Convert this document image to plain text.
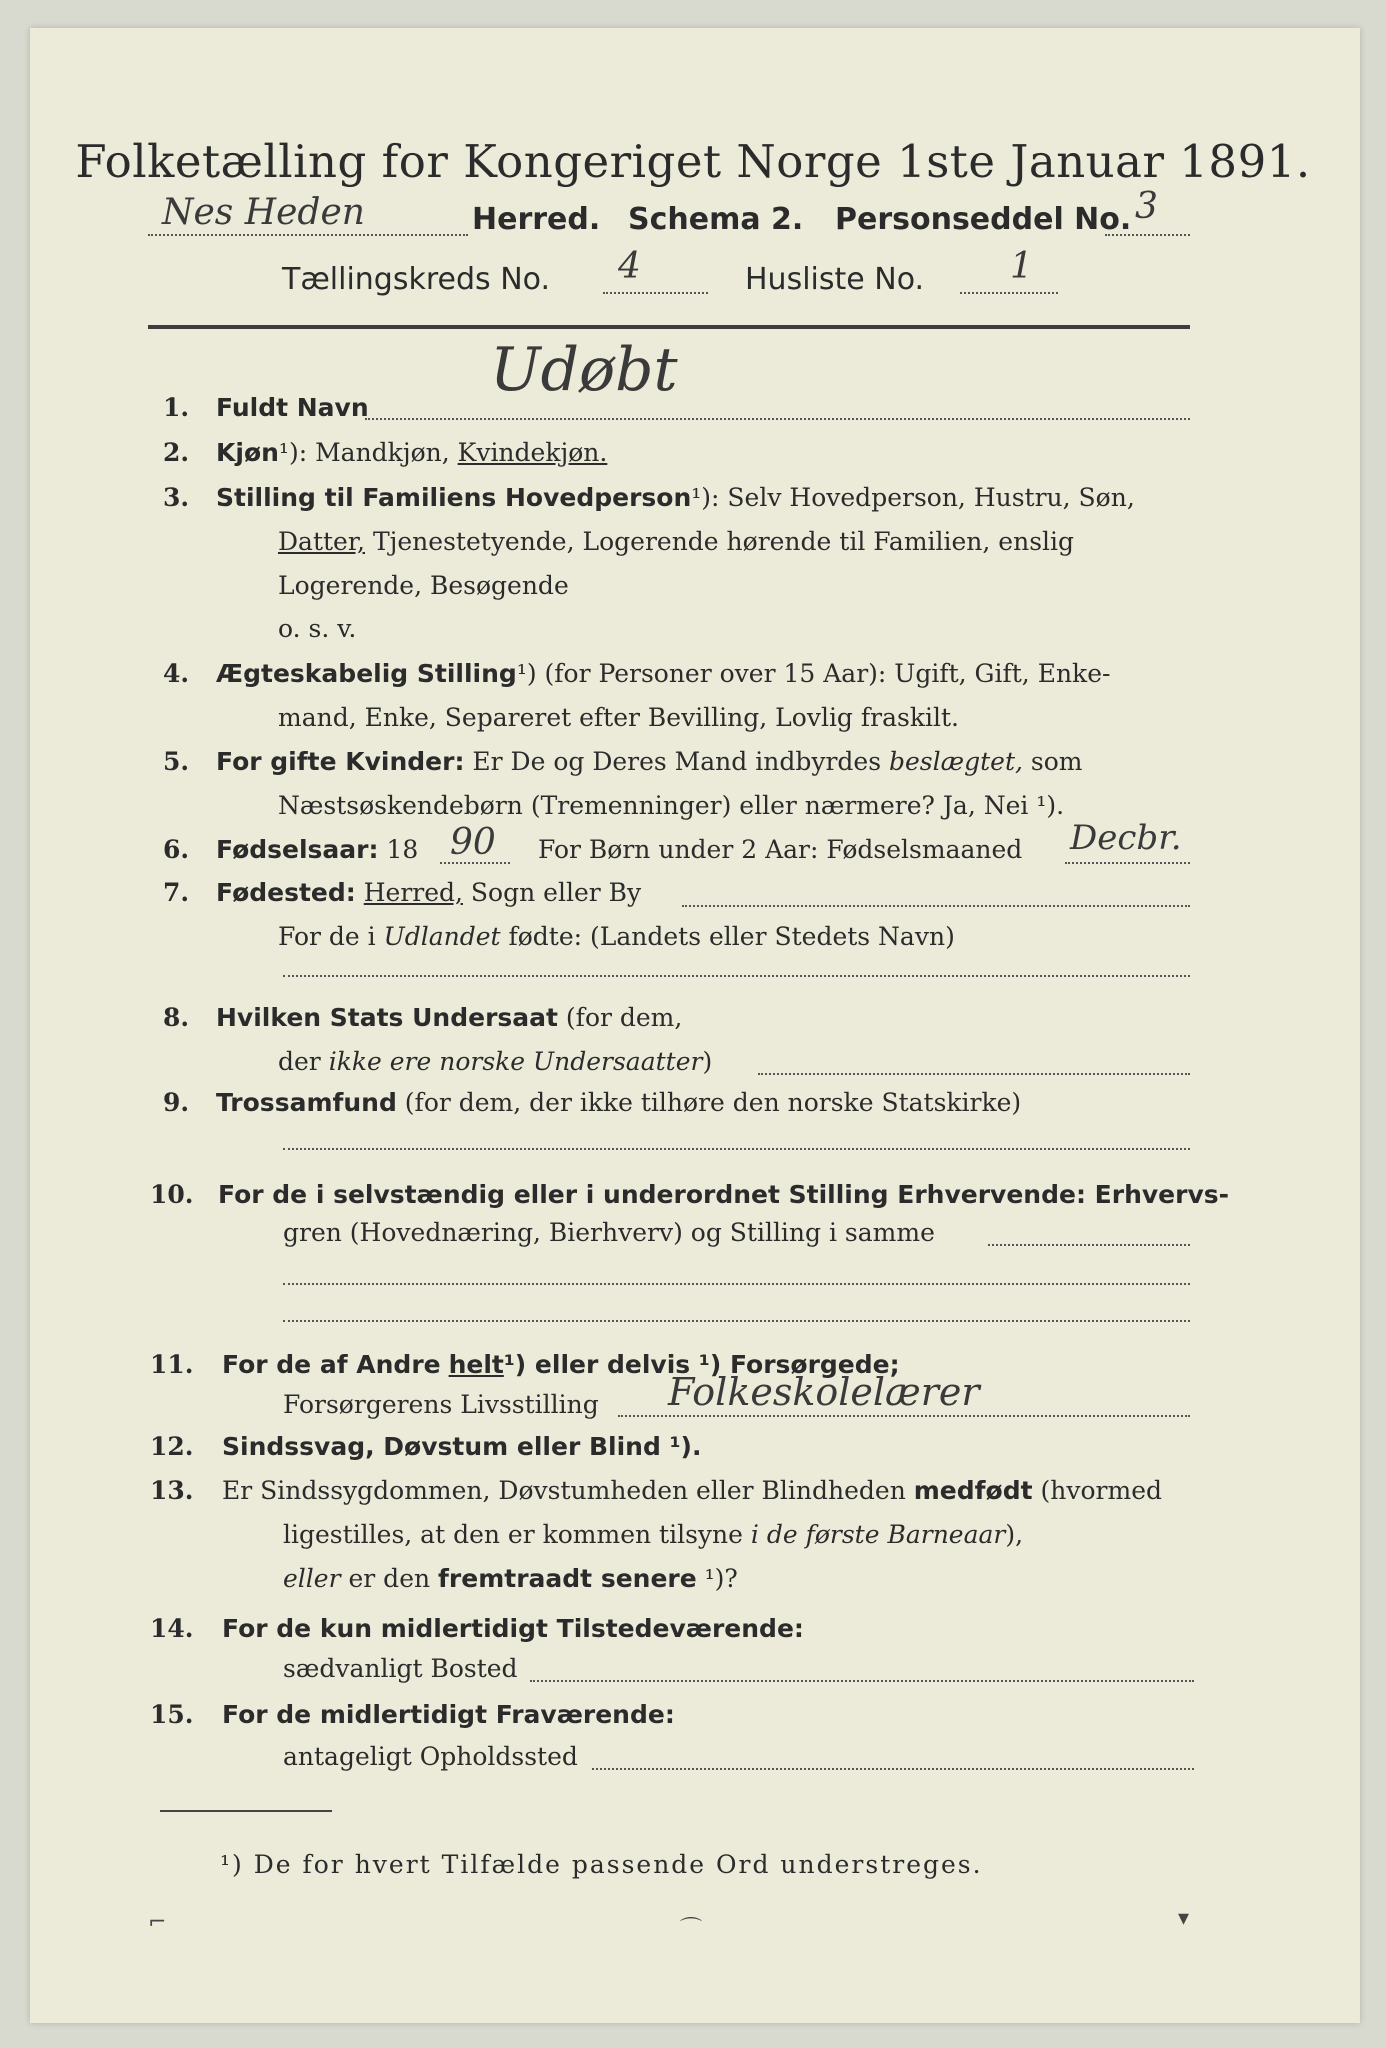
Folketælling for Kongeriget Norge 1ste Januar 1891.
Nes Heden	Herred. Schema 2. Personseddel No. 3
Tællingskreds No. 4	Husliste No. 1
1. Fuldt Navn
Udøbt
2. Kjøn¹): Mandkjøn, Kvindekjøn.
3. Stilling til Familiens Hovedperson¹): Selv Hovedperson, Hustru, Søn,
Datter, Tjenestetyende, Logerende hørende til Familien, enslig
Logerende, Besøgende
o. s. v.
4. Ægteskabelig Stilling¹) (for Personer over 15 Aar): Ugift, Gift, Enke-
mand, Enke, Separeret efter Bevilling, Lovlig fraskilt.
5. For gifte Kvinder: Er De og Deres Mand indbyrdes beslægtet, som
Næstsøskendebørn (Tremenninger) eller nærmere? Ja, Nei ¹).
6. Fødselsaar: 18 90 For Børn under 2 Aar: Fødselsmaaned Decbr.
7. Fødested: Herred, Sogn eller By
For de i Udlandet fødte: (Landets eller Stedets Navn)
8. Hvilken Stats Undersaat (for dem,
der ikke ere norske Undersaatter)
9. Trossamfund (for dem, der ikke tilhøre den norske Statskirke)
10. For de i selvstændig eller i underordnet Stilling Erhvervende: Erhvervs-
gren (Hovednæring, Bierhverv) og Stilling i samme
11. For de af Andre helt¹) eller delvis ¹) Forsørgede;
Forsørgerens Livsstilling Folkeskolelærer
12. Sindssvag, Døvstum eller Blind ¹).
13. Er Sindssygdommen, Døvstumheden eller Blindheden medfødt (hvormed
ligestilles, at den er kommen tilsyne i de første Barneaar),
eller er den fremtraadt senere ¹)?
14. For de kun midlertidigt Tilstedeværende:
sædvanligt Bosted
15. For de midlertidigt Fraværende:
antageligt Opholdssted
¹) De for hvert Tilfælde passende Ord understreges.
⌐	⌒	▾
